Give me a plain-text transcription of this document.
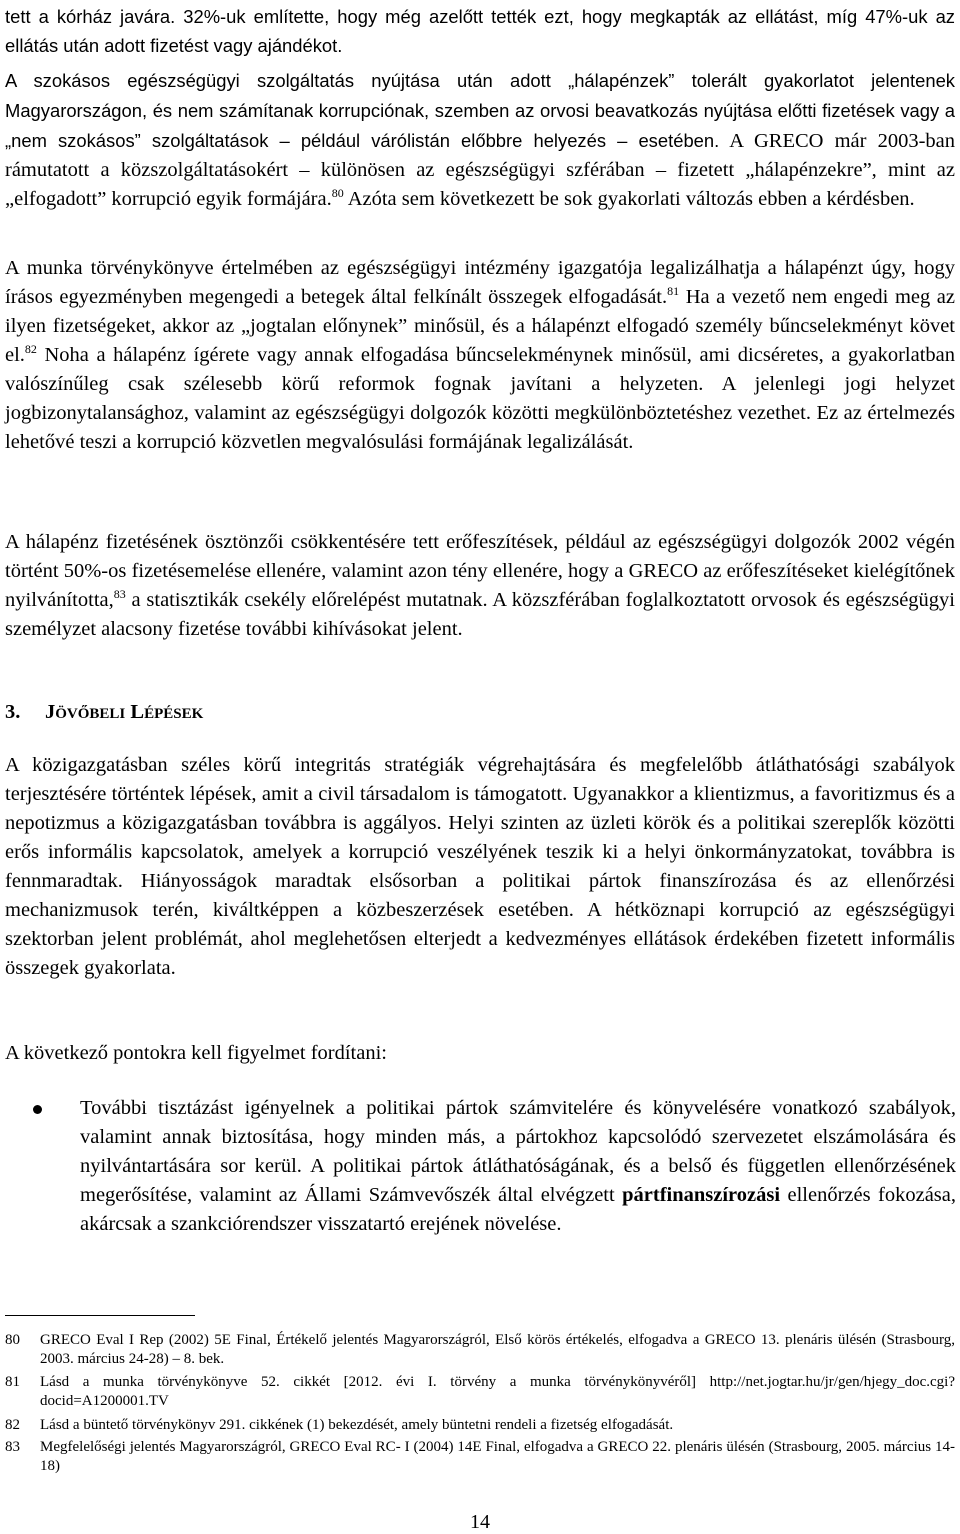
tett a kórház javára. 32%-uk említette, hogy még azelőtt tették ezt, hogy megkapták az ellátást, míg 47%-uk az ellátás után adott fizetést vagy ajándékot.

A szokásos egészségügyi szolgáltatás nyújtása után adott „hálapénzek” tolerált gyakorlatot jelentenek Magyarországon, és nem számítanak korrupciónak, szemben az orvosi beavatkozás nyújtása előtti fizetések vagy a „nem szokásos” szolgáltatások – például várólistán előbbre helyezés – esetében. A GRECO már 2003-ban rámutatott a közszolgáltatásokért – különösen az egészségügyi szférában – fizetett „hálapénzekre”, mint az „elfogadott” korrupció egyik formájára.$^{80}$ Azóta sem következett be sok gyakorlati változás ebben a kérdésben.

A munka törvénykönyve értelmében az egészségügyi intézmény igazgatója legalizálhatja a hálapénzt úgy, hogy írásos egyezményben megengedi a betegek által felkínált összegek elfogadását.$^{81}$ Ha a vezető nem engedi meg az ilyen fizetségeket, akkor az „jogtalan előnynek” minősül, és a hálapénzt elfogadó személy bűncselekményt követ el.$^{82}$ Noha a hálapénz ígérete vagy annak elfogadása bűncselekménynek minősül, ami dicséretes, a gyakorlatban valószínűleg csak szélesebb körű reformok fognak javítani a helyzeten. A jelenlegi jogi helyzet jogbizonytalansághoz, valamint az egészségügyi dolgozók közötti megkülönböztetéshez vezethet. Ez az értelmezés lehetővé teszi a korrupció közvetlen megvalósulási formájának legalizálását.

A hálapénz fizetésének ösztönzői csökkentésére tett erőfeszítések, például az egészségügyi dolgozók 2002 végén történt 50%-os fizetésemelése ellenére, valamint azon tény ellenére, hogy a GRECO az erőfeszítéseket kielégítőnek nyilvánította,$^{83}$ a statisztikák csekély előrelépést mutatnak. A közszférában foglalkoztatott orvosok és egészségügyi személyzet alacsony fizetése további kihívásokat jelent.

3. JÖVŐBELI LÉPÉSEK

A közigazgatásban széles körű integritás stratégiák végrehajtására és megfelelőbb átláthatósági szabályok terjesztésére történtek lépések, amit a civil társadalom is támogatott. Ugyanakkor a klientizmus, a favoritizmus és a nepotizmus a közigazgatásban továbbra is aggályos. Helyi szinten az üzleti körök és a politikai szereplők közötti erős informális kapcsolatok, amelyek a korrupció veszélyének teszik ki a helyi önkormányzatokat, továbbra is fennmaradtak. Hiányosságok maradtak elsősorban a politikai pártok finanszírozása és az ellenőrzési mechanizmusok terén, kiváltképpen a közbeszerzések esetében. A hétköznapi korrupció az egészségügyi szektorban jelent problémát, ahol meglehetősen elterjedt a kedvezményes ellátások érdekében fizetett informális összegek gyakorlata.

A következő pontokra kell figyelmet fordítani:

További tisztázást igényelnek a politikai pártok számvitelére és könyvelésére vonatkozó szabályok, valamint annak biztosítása, hogy minden más, a pártokhoz kapcsolódó szervezetet elszámolására és nyilvántartására sor kerül. A politikai pártok átláthatóságának, és a belső és független ellenőrzésének megerősítése, valamint az Állami Számvevőszék által elvégzett pártfinanszírozási ellenőrzés fokozása, akárcsak a szankciórendszer visszatartó erejének növelése.

80 GRECO Eval I Rep (2002) 5E Final, Értékelő jelentés Magyarországról, Első körös értékelés, elfogadva a GRECO 13. plenáris ülésén (Strasbourg, 2003. március 24-28) – 8. bek.
81 Lásd a munka törvénykönyve 52. cikkét [2012. évi I. törvény a munka törvénykönyvéről] http://net.jogtar.hu/jr/gen/hjegy_doc.cgi?docid=A1200001.TV
82 Lásd a büntető törvénykönyv 291. cikkének (1) bekezdését, amely büntetni rendeli a fizetség elfogadását.
83 Megfelelőségi jelentés Magyarországról, GRECO Eval RC- I (2004) 14E Final, elfogadva a GRECO 22. plenáris ülésén (Strasbourg, 2005. március 14-18)
14
